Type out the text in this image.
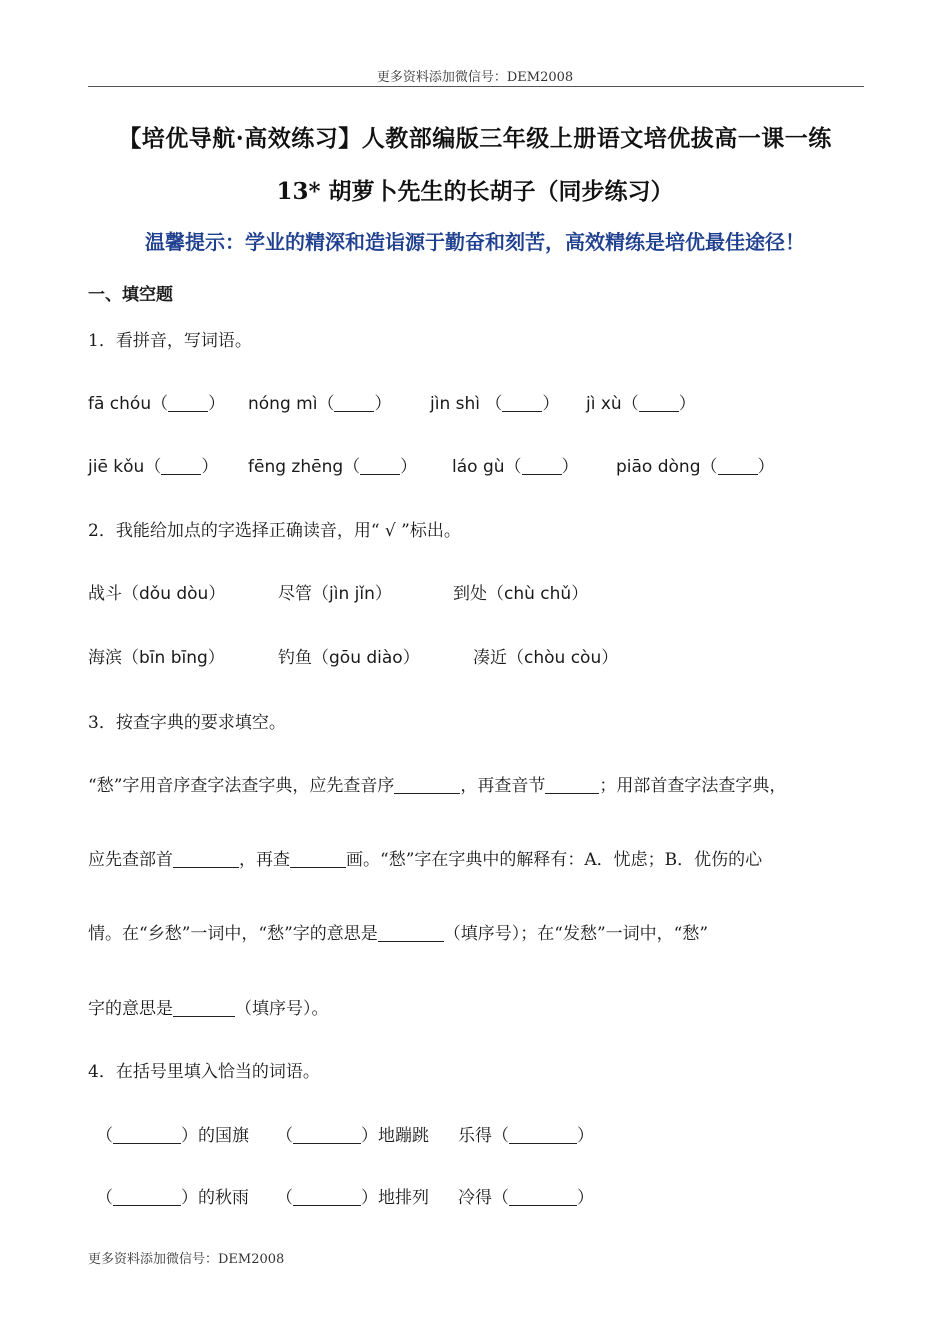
更多资料添加微信号：DEM2008
【培优导航·高效练习】人教部编版三年级上册语文培优拔高一课一练
13* 胡萝卜先生的长胡子（同步练习）
温馨提示：学业的精深和造诣源于勤奋和刻苦，高效精练是培优最佳途径！
一、填空题
1．看拼音，写词语。
fā chóu（ ） nóng mì（ ） jìn shì （ ） jì xù（ ）
jiē kǒu（ ） fēng zhēng（ ） láo gù（ ） piāo dòng（ ）
2．我能给加点的字选择正确读音，用“ √ ”标出。
战斗（dǒu dòu）	尽管（jìn jǐn）	到处（chù chǔ）
海滨（bīn bīng）	钓鱼（gōu diào）	凑近（chòu còu）
3．按查字典的要求填空。
“愁”字用音序查字法查字典，应先查音序	，再查音节	；用部首查字法查字典，
应先查部首	，再查	画。“愁”字在字典中的解释有：A．忧虑；B．优伤的心
情。在“乡愁”一词中，“愁”字的意思是	（填序号）；在“发愁”一词中，“愁”
字的意思是	（填序号）。
4．在括号里填入恰当的词语。
（	）的国旗 （	）地蹦跳 乐得（	）
（	）的秋雨 （	）地排列 冷得（	）
更多资料添加微信号：DEM2008
